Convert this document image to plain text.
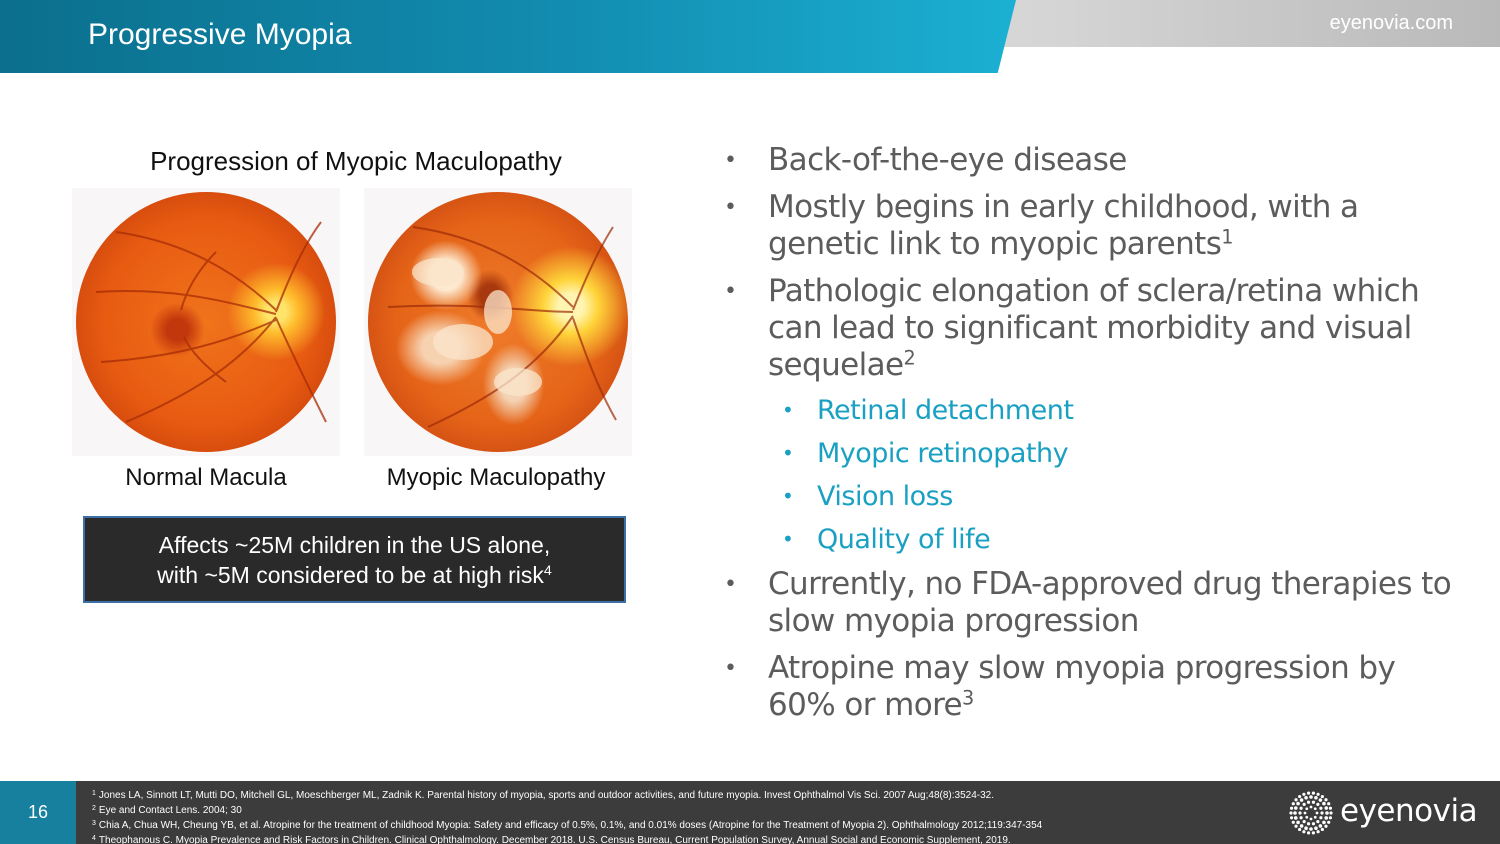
Progressive Myopia	eyenovia.com
Progression of Myopic Maculopathy
Normal Macula	Myopic Maculopathy
Affects ~25M children in the US alone,
with ~5M considered to be at high risk$^4$
• Back-of-the-eye disease
• Mostly begins in early childhood, with a genetic link to myopic parents$^1$
• Pathologic elongation of sclera/retina which can lead to significant morbidity and visual sequelae$^2$
• Retinal detachment
• Myopic retinopathy
• Vision loss
• Quality of life
• Currently, no FDA-approved drug therapies to slow myopia progression
• Atropine may slow myopia progression by 60% or more$^3$
16
$^1$ Jones LA, Sinnott LT, Mutti DO, Mitchell GL, Moeschberger ML, Zadnik K. Parental history of myopia, sports and outdoor activities, and future myopia. Invest Ophthalmol Vis Sci. 2007 Aug;48(8):3524-32.
$^2$ Eye and Contact Lens. 2004; 30
$^3$ Chia A, Chua WH, Cheung YB, et al. Atropine for the treatment of childhood Myopia: Safety and efficacy of 0.5%, 0.1%, and 0.01% doses (Atropine for the Treatment of Myopia 2). Ophthalmology 2012;119:347-354
$^4$ Theophanous C. Myopia Prevalence and Risk Factors in Children. Clinical Ophthalmology. December 2018. U.S. Census Bureau, Current Population Survey, Annual Social and Economic Supplement, 2019.
eyenovia
